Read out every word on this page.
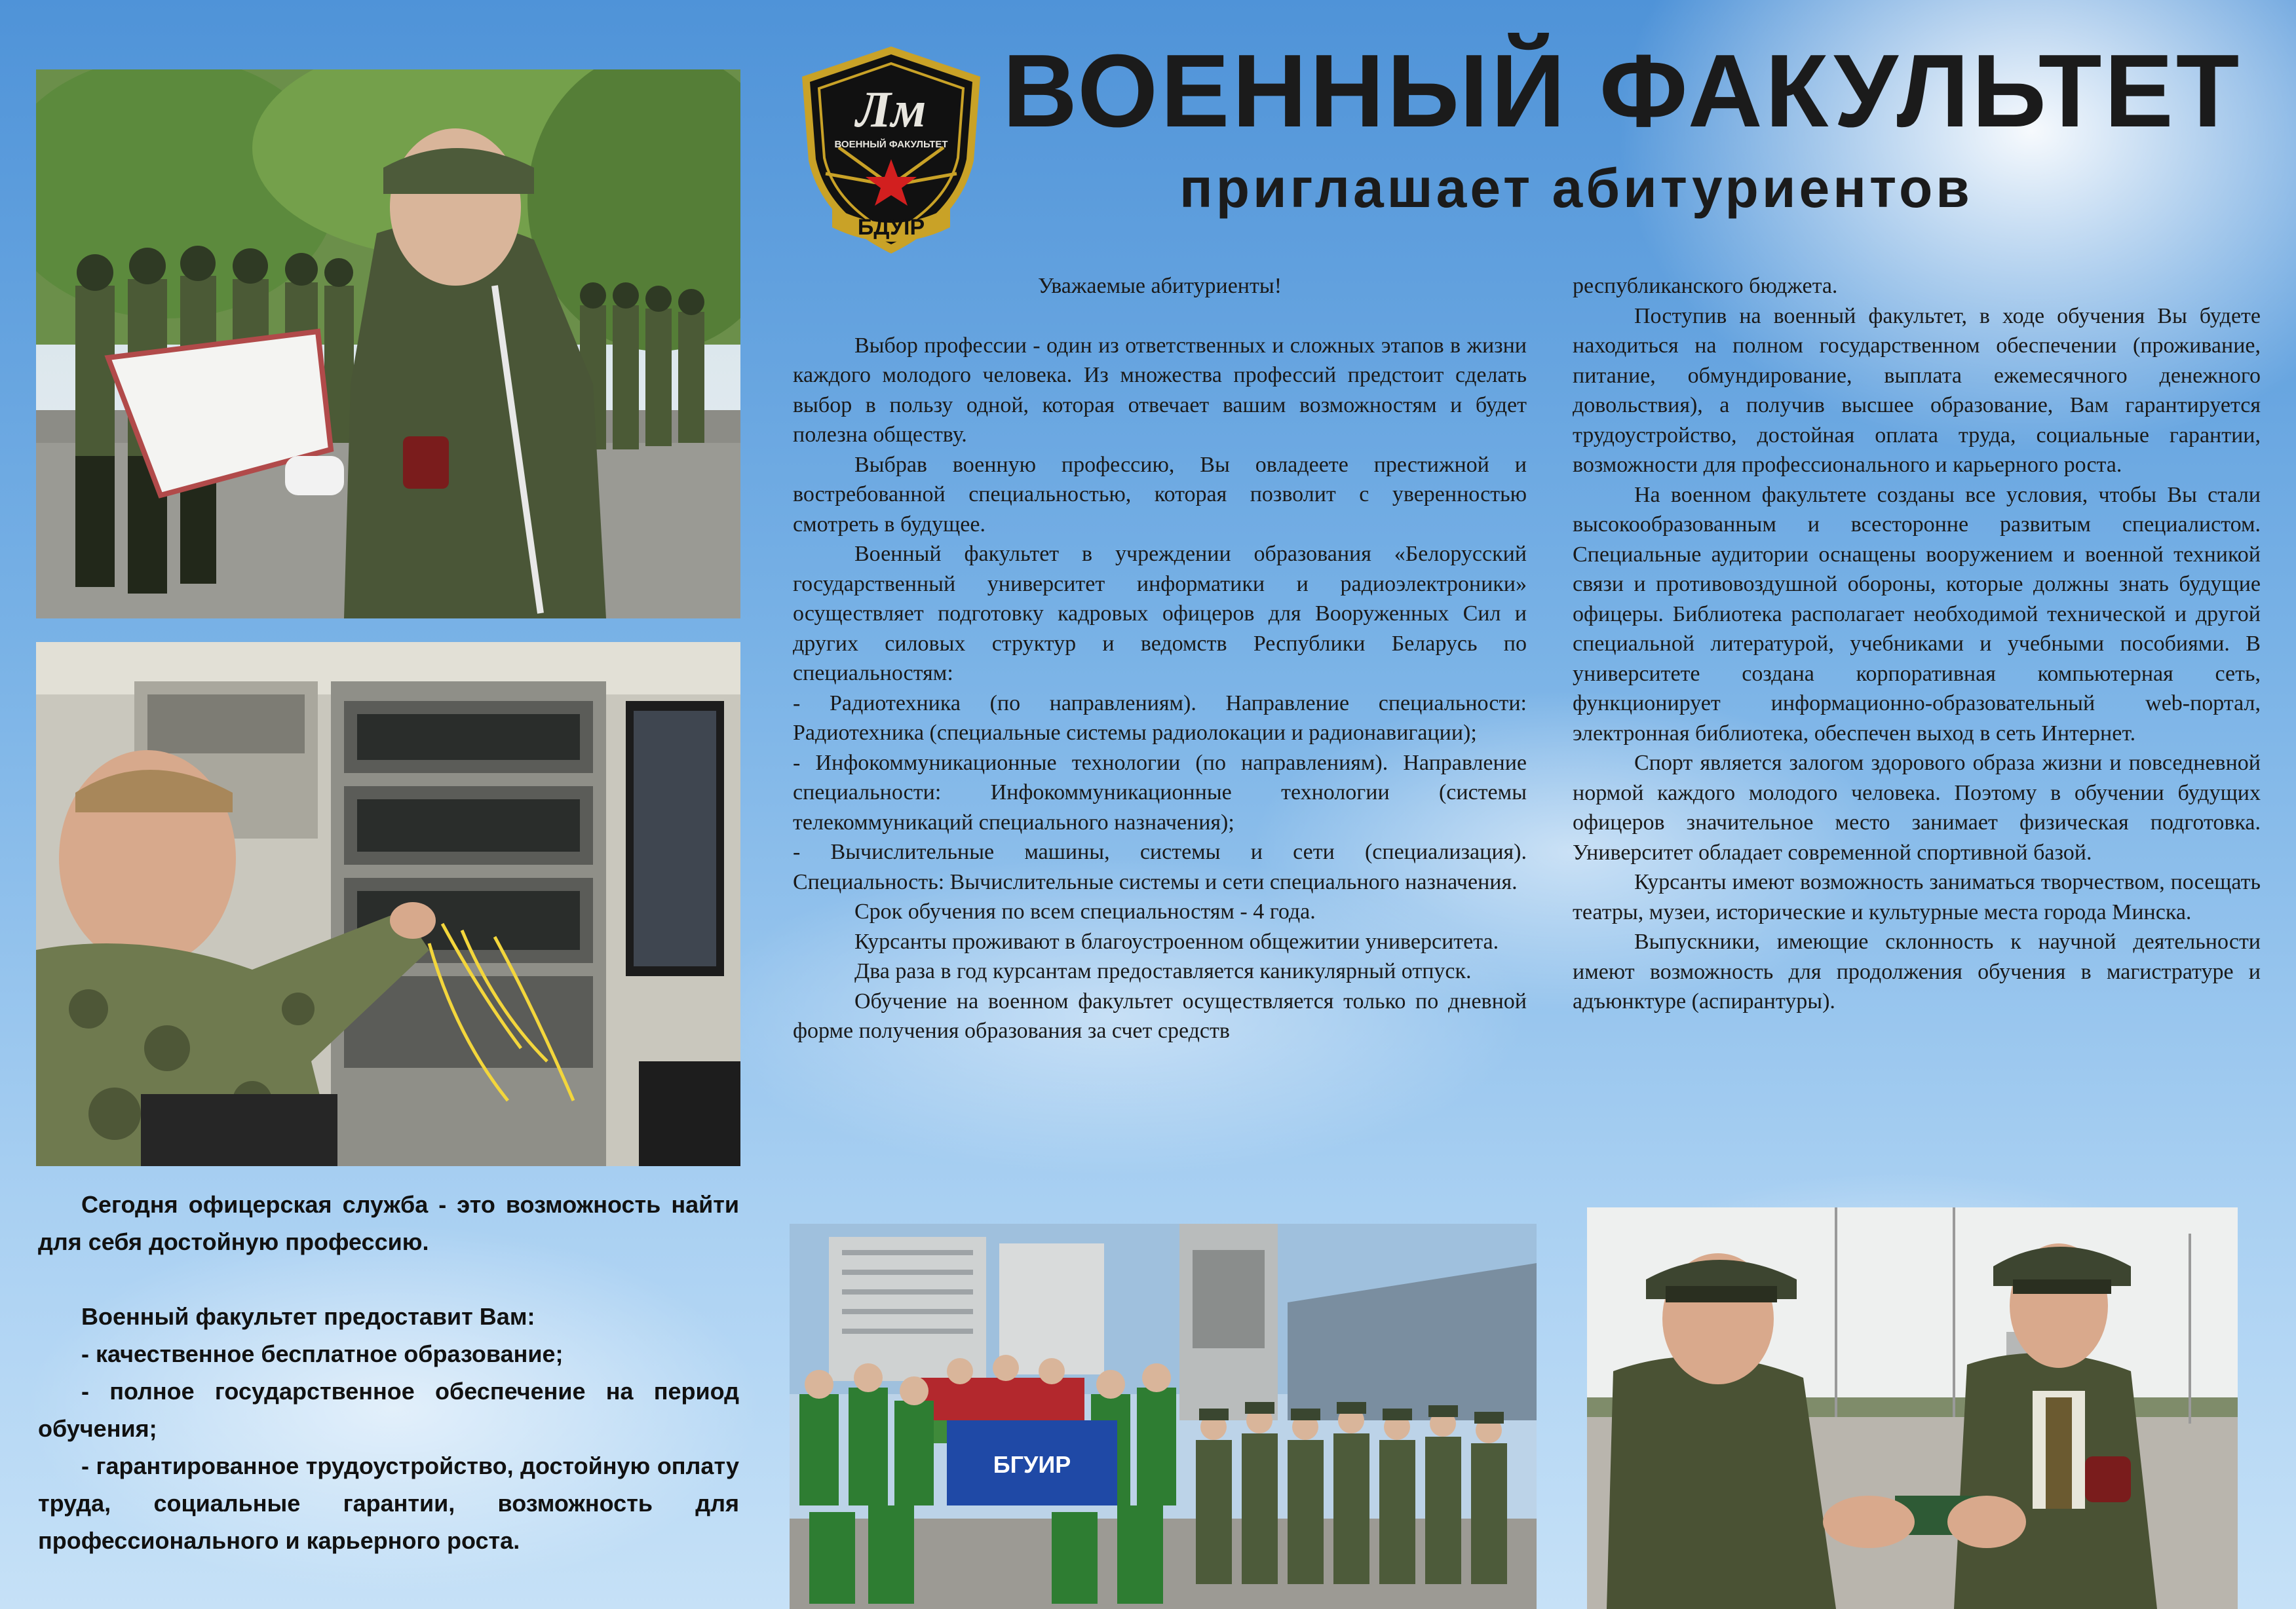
БГУИР
Лм
ВОЕННЫЙ ФАКУЛЬТЕТ
БДУІР
ВОЕННЫЙ ФАКУЛЬТЕТ
приглашает абитуриентов

Уважаемые абитуриенты!

Выбор профессии - один из ответственных и сложных этапов в жизни каждого молодого человека. Из множества профессий предстоит сделать выбор в пользу одной, которая отвечает вашим возможностям и будет полезна обществу.

Выбрав военную профессию, Вы овладеете престижной и востребованной специальностью, которая позволит с уверенностью смотреть в будущее.

Военный факультет в учреждении образования «Белорусский государственный университет информатики и радиоэлектроники» осуществляет подготовку кадровых офицеров для Вооруженных Сил и других силовых структур и ведомств Республики Беларусь по специальностям:

- Радиотехника (по направлениям). Направление специальности: Радиотехника (специальные системы радиолокации и радионавигации);

- Инфокоммуникационные технологии (по направлениям). Направление специальности: Инфокоммуникационные технологии (системы телекоммуникаций специального назначения);

- Вычислительные машины, системы и сети (специализация). Специальность: Вычислительные системы и сети специального назначения.

Срок обучения по всем специальностям - 4 года.

Курсанты проживают в благоустроенном общежитии университета.

Два раза в год курсантам предоставляется каникулярный отпуск.

Обучение на военном факультет осуществляется только по дневной форме получения образования за счет средств

республиканского бюджета.

Поступив на военный факультет, в ходе обучения Вы будете находиться на полном государственном обеспечении (проживание, питание, обмундирование, выплата ежемесячного денежного довольствия), а получив высшее образование, Вам гарантируется трудоустройство, достойная оплата труда, социальные гарантии, возможности для профессионального и карьерного роста.

На военном факультете созданы все условия, чтобы Вы стали высокообразованным и всесторонне развитым специалистом. Специальные аудитории оснащены вооружением и военной техникой связи и противовоздушной обороны, которые должны знать будущие офицеры. Библиотека располагает необходимой технической и другой специальной литературой, учебниками и учебными пособиями. В университете создана корпоративная компьютерная сеть, функционирует информационно-образовательный web-портал, электронная библиотека, обеспечен выход в сеть Интернет.

Спорт является залогом здорового образа жизни и повседневной нормой каждого молодого человека. Поэтому в обучении будущих офицеров значительное место занимает физическая подготовка. Университет обладает современной спортивной базой.

Курсанты имеют возможность заниматься творчеством, посещать театры, музеи, исторические и культурные места города Минска.

Выпускники, имеющие склонность к научной деятельности имеют возможность для продолжения обучения в магистратуре и адъюнктуре (аспирантуры).

Сегодня офицерская служба - это возможность найти для себя достойную профессию.

Военный факультет предоставит Вам:

- качественное бесплатное образование;

- полное государственное обеспечение на период обучения;

- гарантированное трудоустройство, достойную оплату труда, социальные гарантии, возможность для профессионального и карьерного роста.
